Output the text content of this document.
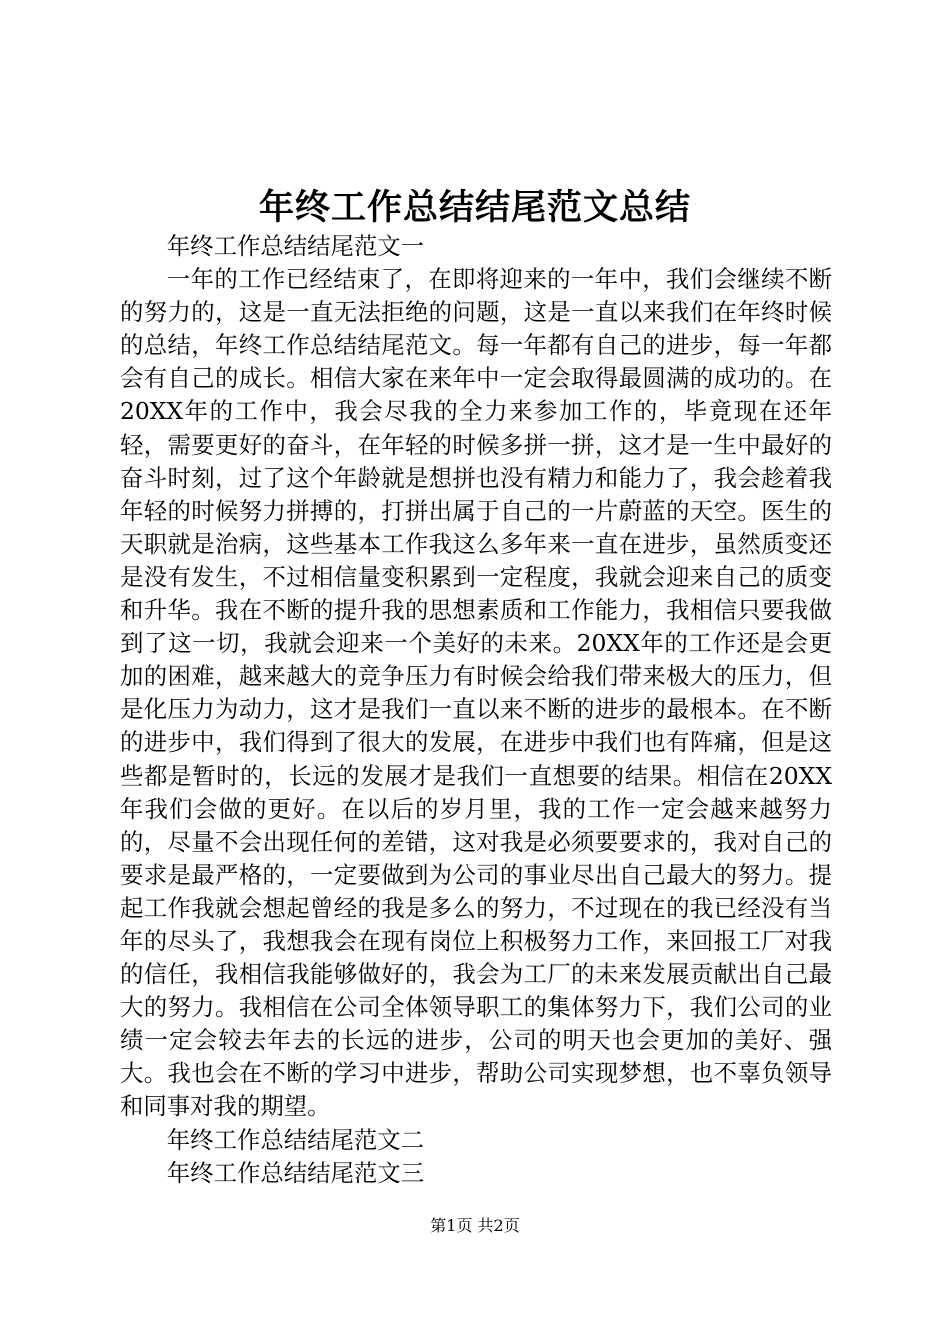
年终工作总结结尾范文总结

年终工作总结结尾范文一

一年的工作已经结束了，在即将迎来的一年中，我们会继续不断的努力的，这是一直无法拒绝的问题，这是一直以来我们在年终时候的总结，年终工作总结结尾范文。每一年都有自己的进步，每一年都会有自己的成长。相信大家在来年中一定会取得最圆满的成功的。在20XX年的工作中，我会尽我的全力来参加工作的，毕竟现在还年轻，需要更好的奋斗，在年轻的时候多拼一拼，这才是一生中最好的奋斗时刻，过了这个年龄就是想拼也没有精力和能力了，我会趁着我年轻的时候努力拼搏的，打拼出属于自己的一片蔚蓝的天空。医生的天职就是治病，这些基本工作我这么多年来一直在进步，虽然质变还是没有发生，不过相信量变积累到一定程度，我就会迎来自己的质变和升华。我在不断的提升我的思想素质和工作能力，我相信只要我做到了这一切，我就会迎来一个美好的未来。20XX年的工作还是会更加的困难，越来越大的竞争压力有时候会给我们带来极大的压力，但是化压力为动力，这才是我们一直以来不断的进步的最根本。在不断的进步中，我们得到了很大的发展，在进步中我们也有阵痛，但是这些都是暂时的，长远的发展才是我们一直想要的结果。相信在20XX年我们会做的更好。在以后的岁月里，我的工作一定会越来越努力的，尽量不会出现任何的差错，这对我是必须要要求的，我对自己的要求是最严格的，一定要做到为公司的事业尽出自己最大的努力。提起工作我就会想起曾经的我是多么的努力，不过现在的我已经没有当年的尽头了，我想我会在现有岗位上积极努力工作，来回报工厂对我的信任，我相信我能够做好的，我会为工厂的未来发展贡献出自己最大的努力。我相信在公司全体领导职工的集体努力下，我们公司的业绩一定会较去年去的长远的进步，公司的明天也会更加的美好、强大。我也会在不断的学习中进步，帮助公司实现梦想，也不辜负领导和同事对我的期望。

年终工作总结结尾范文二

年终工作总结结尾范文三

第1页 共2页
